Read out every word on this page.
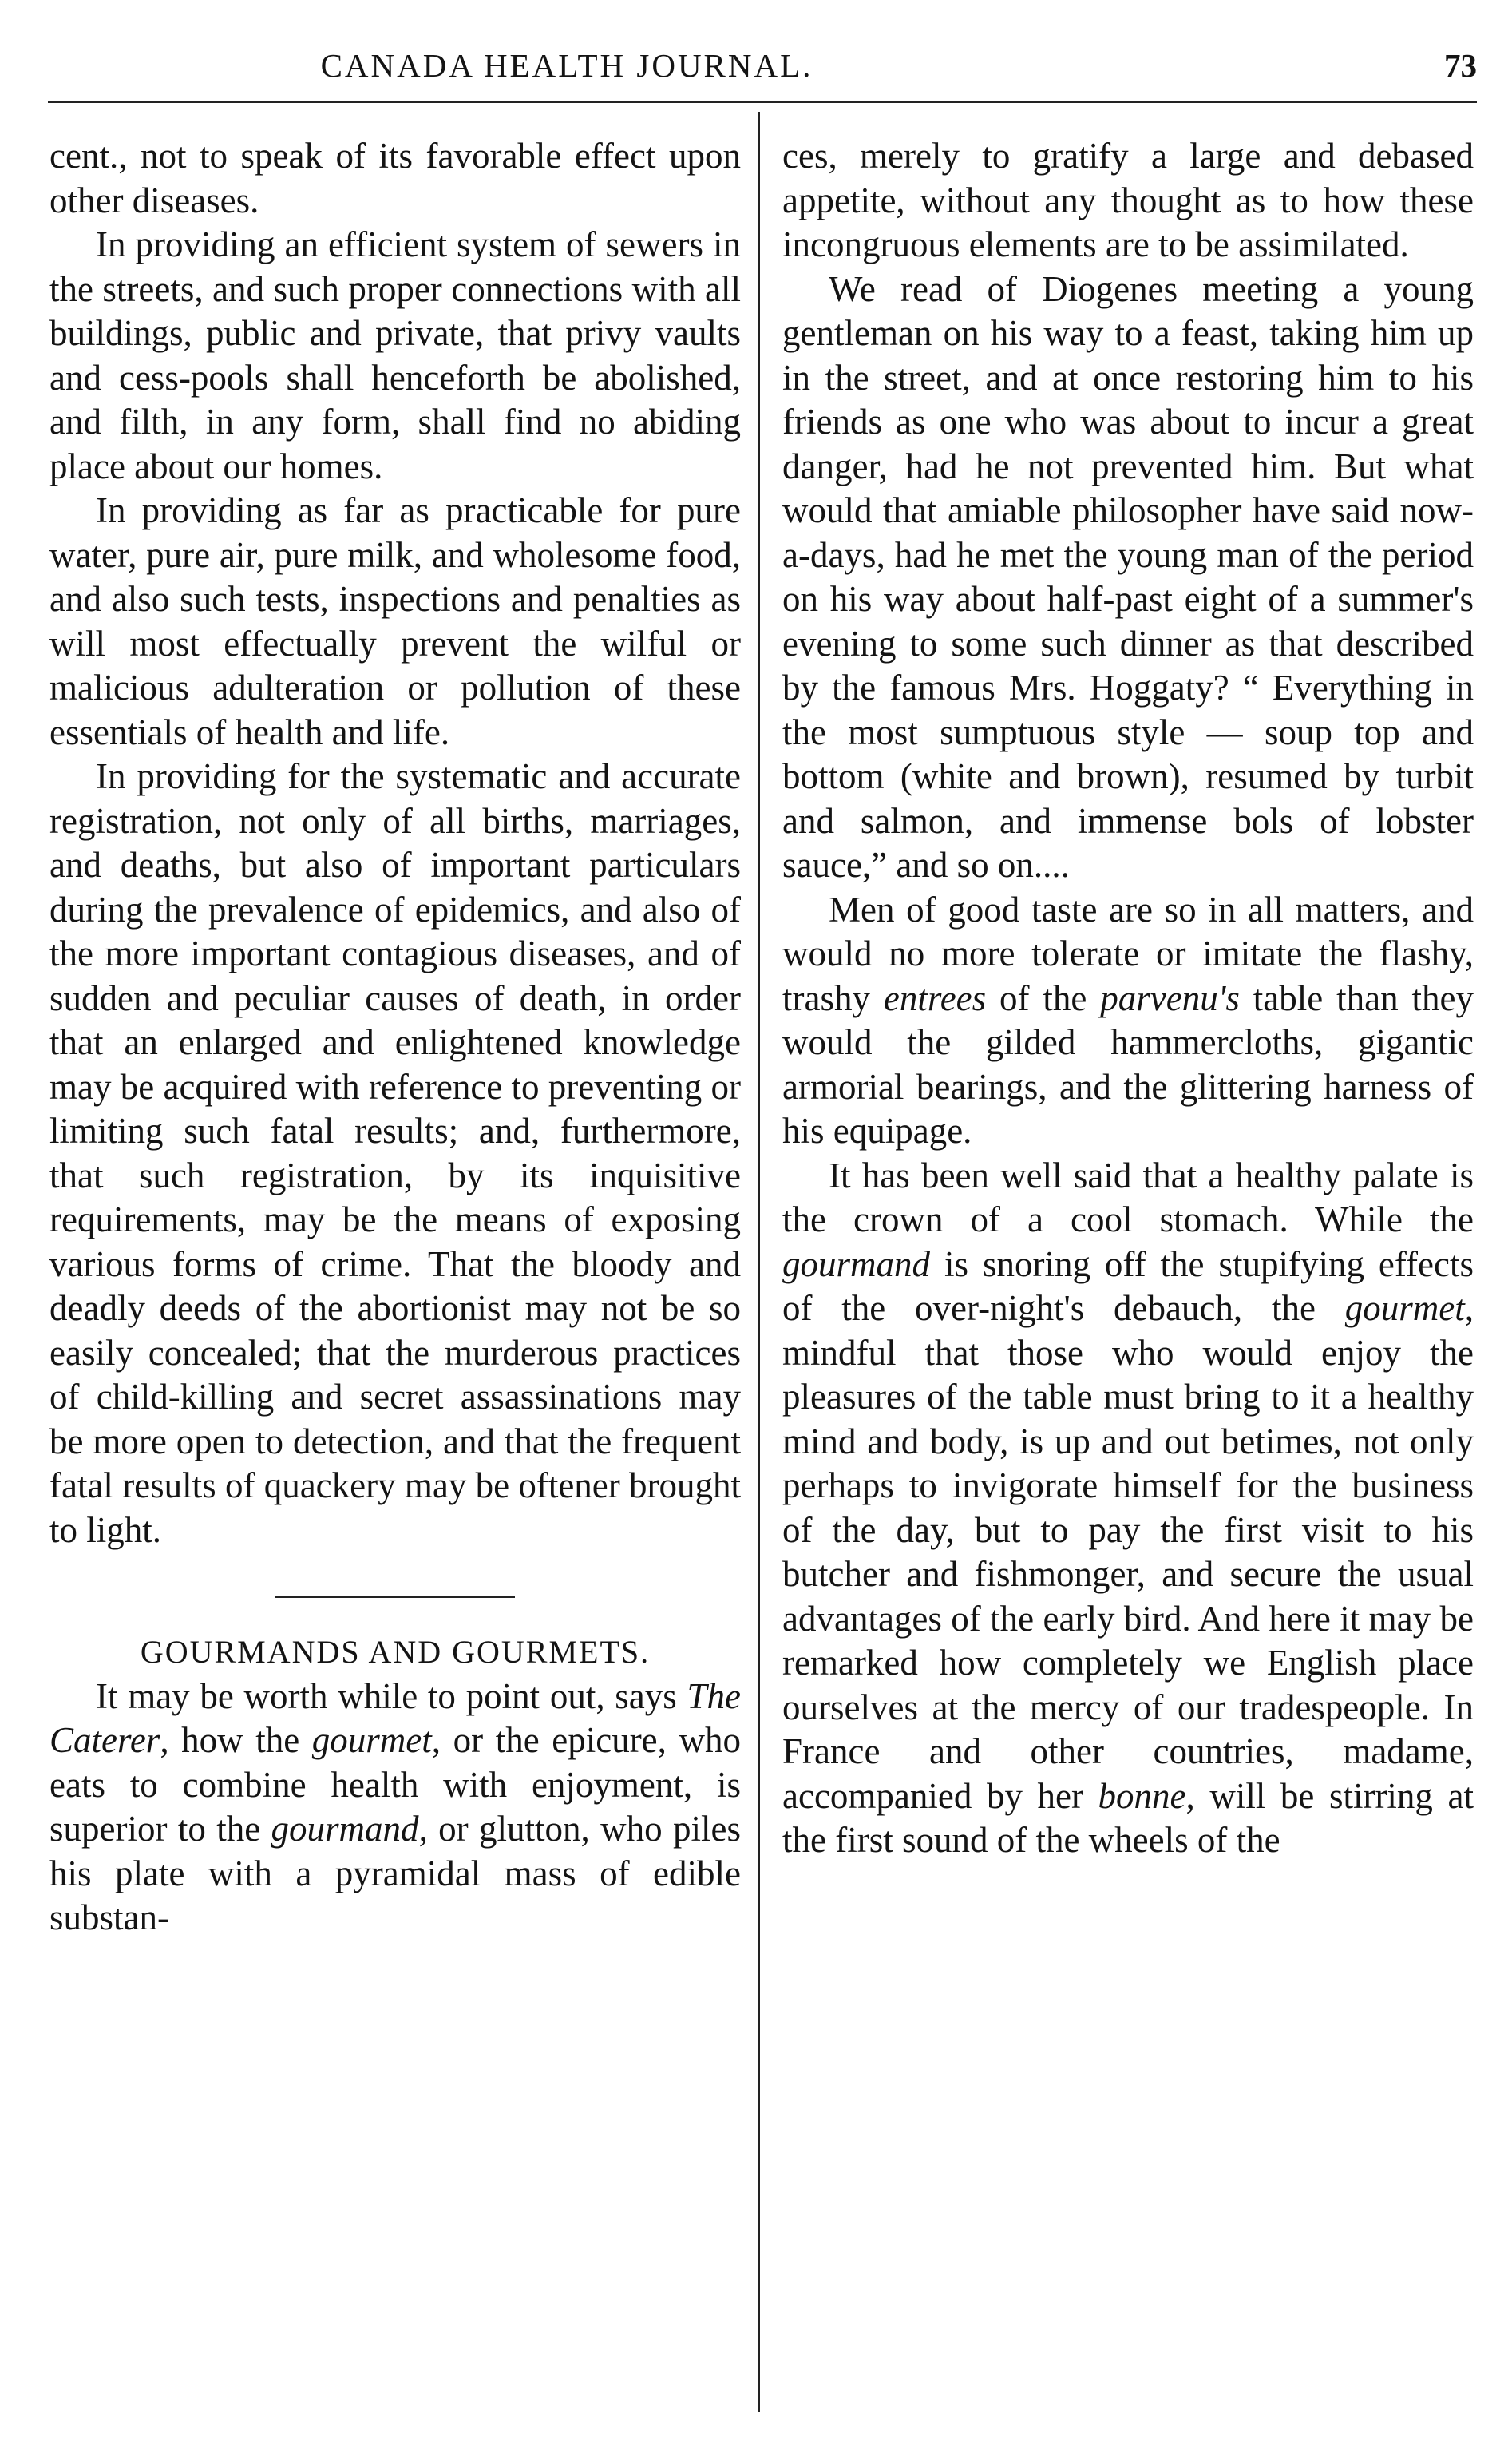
CANADA HEALTH JOURNAL.	73

cent., not to speak of its favorable effect upon other diseases.

In providing an efficient system of sewers in the streets, and such proper connections with all buildings, public and private, that privy vaults and cess-pools shall henceforth be abolished, and filth, in any form, shall find no abiding place about our homes.

In providing as far as practicable for pure water, pure air, pure milk, and wholesome food, and also such tests, inspections and penalties as will most effectually prevent the wilful or malicious adulteration or pollution of these essentials of health and life.

In providing for the systematic and accurate registration, not only of all births, marriages, and deaths, but also of important particulars during the prevalence of epidemics, and also of the more important contagious diseases, and of sudden and peculiar causes of death, in order that an enlarged and enlightened knowledge may be acquired with reference to preventing or limiting such fatal results; and, furthermore, that such registration, by its inquisitive requirements, may be the means of exposing various forms of crime. That the bloody and deadly deeds of the abortionist may not be so easily concealed; that the murderous practices of child-killing and secret assassinations may be more open to detection, and that the frequent fatal results of quackery may be oftener brought to light.

GOURMANDS AND GOURMETS.

It may be worth while to point out, says The Caterer, how the gourmet, or the epicure, who eats to combine health with enjoyment, is superior to the gourmand, or glutton, who piles his plate with a pyramidal mass of edible substan-

ces, merely to gratify a large and debased appetite, without any thought as to how these incongruous elements are to be assimilated.

We read of Diogenes meeting a young gentleman on his way to a feast, taking him up in the street, and at once restoring him to his friends as one who was about to incur a great danger, had he not prevented him. But what would that amiable philosopher have said now-a-days, had he met the young man of the period on his way about half-past eight of a summer's evening to some such dinner as that described by the famous Mrs. Hoggaty? “ Everything in the most sumptuous style — soup top and bottom (white and brown), resumed by turbit and salmon, and immense bols of lobster sauce,” and so on....

Men of good taste are so in all matters, and would no more tolerate or imitate the flashy, trashy entrees of the parvenu's table than they would the gilded hammercloths, gigantic armorial bearings, and the glittering harness of his equipage.

It has been well said that a healthy palate is the crown of a cool stomach. While the gourmand is snoring off the stupifying effects of the over-night's debauch, the gourmet, mindful that those who would enjoy the pleasures of the table must bring to it a healthy mind and body, is up and out betimes, not only perhaps to invigorate himself for the business of the day, but to pay the first visit to his butcher and fishmonger, and secure the usual advantages of the early bird. And here it may be remarked how completely we English place ourselves at the mercy of our tradespeople. In France and other countries, madame, accompanied by her bonne, will be stirring at the first sound of the wheels of the
